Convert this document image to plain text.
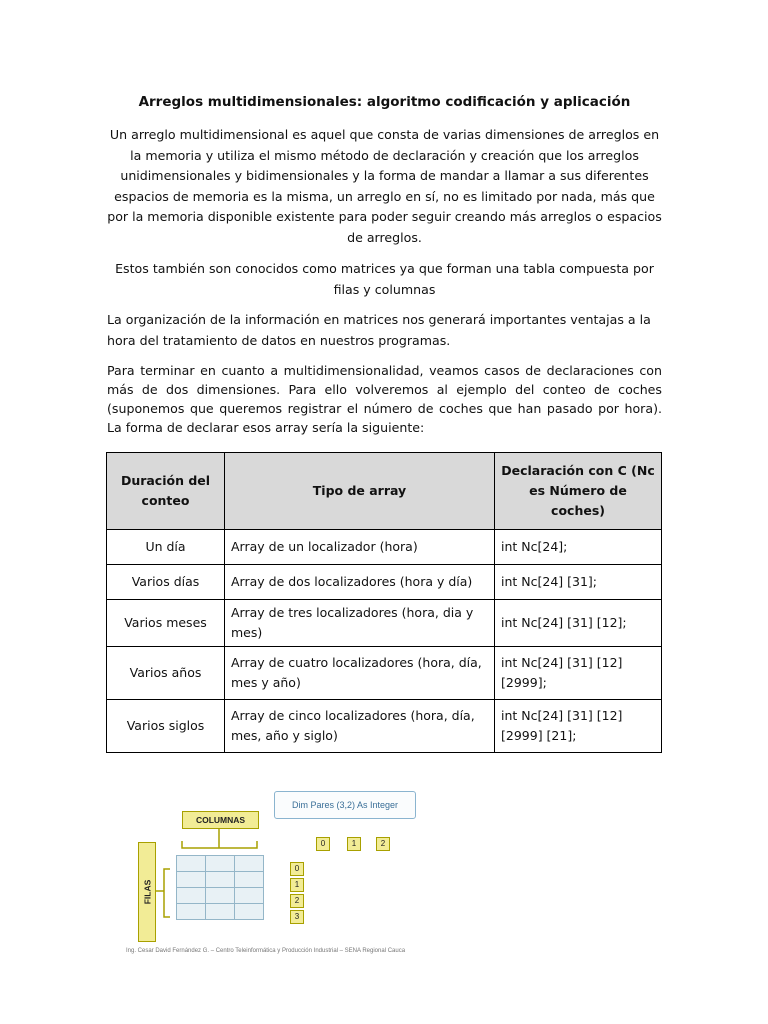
Arreglos multidimensionales: algoritmo codificación y aplicación
Un arreglo multidimensional es aquel que consta de varias dimensiones de arreglos en la memoria y utiliza el mismo método de declaración y creación que los arreglos unidimensionales y bidimensionales y la forma de mandar a llamar a sus diferentes espacios de memoria es la misma, un arreglo en sí, no es limitado por nada, más que por la memoria disponible existente para poder seguir creando más arreglos o espacios de arreglos.
Estos también son conocidos como matrices ya que forman una tabla compuesta por filas y columnas
La organización de la información en matrices nos generará importantes ventajas a la hora del tratamiento de datos en nuestros programas.
Para terminar en cuanto a multidimensionalidad, veamos casos de declaraciones con más de dos dimensiones. Para ello volveremos al ejemplo del conteo de coches (suponemos que queremos registrar el número de coches que han pasado por hora). La forma de declarar esos array sería la siguiente:
Duración del conteo	Tipo de array	Declaración con C (Nc es Número de coches)
Un día	Array de un localizador (hora)	int Nc[24];
Varios días	Array de dos localizadores (hora y día)	int Nc[24] [31];
Varios meses	Array de tres localizadores (hora, dia y mes)	int Nc[24] [31] [12];
Varios años	Array de cuatro localizadores (hora, día, mes y año)	int Nc[24] [31] [12] [2999];
Varios siglos	Array de cinco localizadores (hora, día, mes, año y siglo)	int Nc[24] [31] [12] [2999] [21];
COLUMNAS
FILAS

Dim Pares (3,2) As Integer
0	1	2
0
1
2
3
Ing. Cesar David Fernández G. – Centro Teleinformática y Producción Industrial – SENA Regional Cauca
